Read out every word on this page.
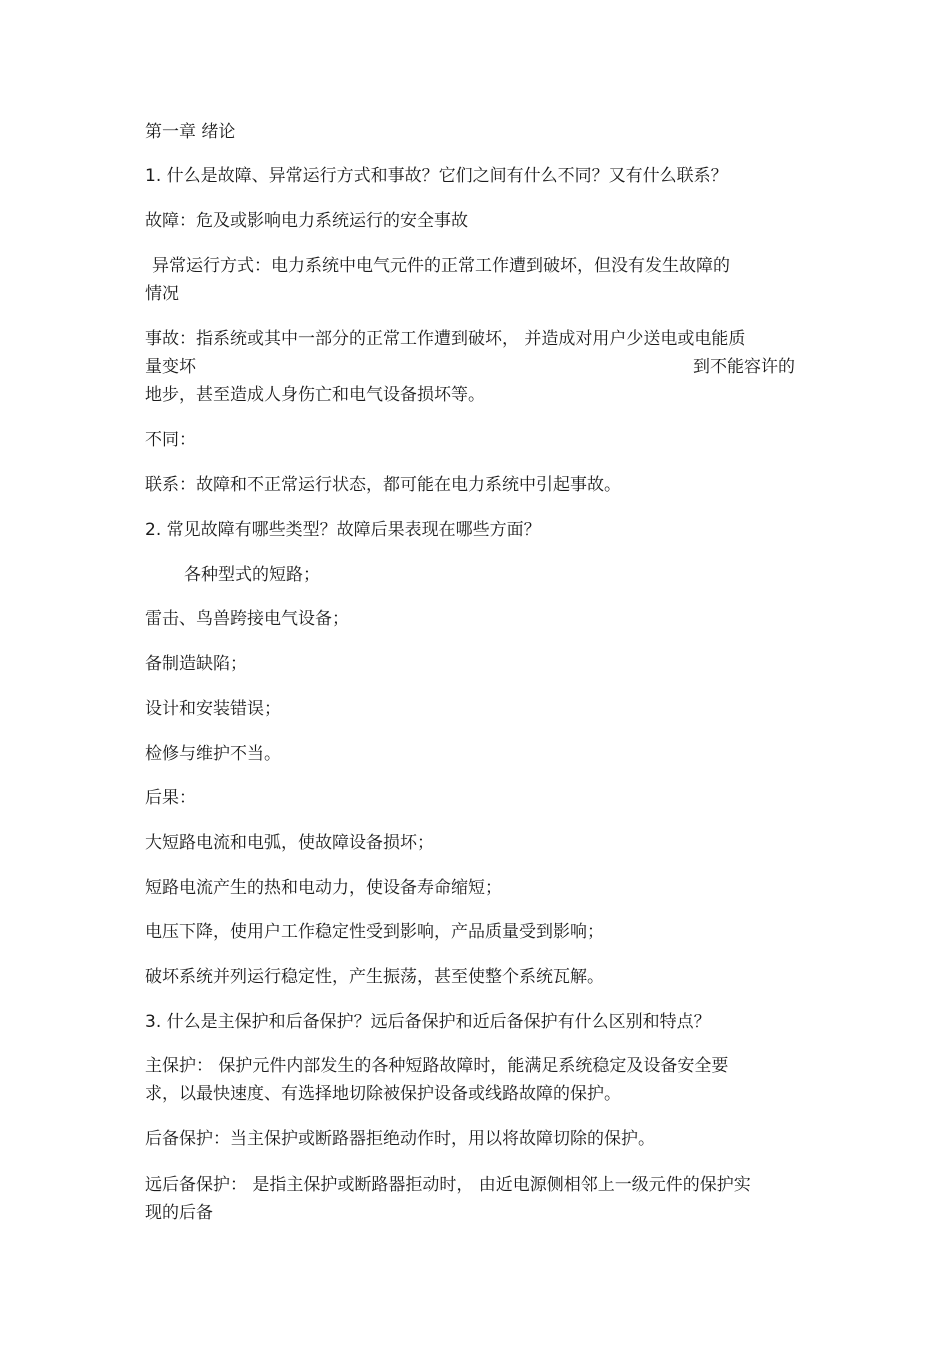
第一章 绪论
1. 什么是故障、异常运行方式和事故？它们之间有什么不同？又有什么联系？
故障：危及或影响电力系统运行的安全事故
异常运行方式：电力系统中电气元件的正常工作遭到破坏，但没有发生故障的
情况
事故：指系统或其中一部分的正常工作遭到破坏， 并造成对用户少送电或电能质
量变坏	到不能容许的
地步，甚至造成人身伤亡和电气设备损坏等。
不同：
联系：故障和不正常运行状态，都可能在电力系统中引起事故。
2. 常见故障有哪些类型？故障后果表现在哪些方面？
各种型式的短路；
雷击、鸟兽跨接电气设备；
备制造缺陷；
设计和安装错误；
检修与维护不当。
后果：
大短路电流和电弧，使故障设备损坏；
短路电流产生的热和电动力，使设备寿命缩短；
电压下降，使用户工作稳定性受到影响，产品质量受到影响；
破坏系统并列运行稳定性，产生振荡，甚至使整个系统瓦解。
3. 什么是主保护和后备保护？远后备保护和近后备保护有什么区别和特点？
主保护： 保护元件内部发生的各种短路故障时，能满足系统稳定及设备安全要
求，以最快速度、有选择地切除被保护设备或线路故障的保护。
后备保护：当主保护或断路器拒绝动作时，用以将故障切除的保护。
远后备保护： 是指主保护或断路器拒动时， 由近电源侧相邻上一级元件的保护实
现的后备
